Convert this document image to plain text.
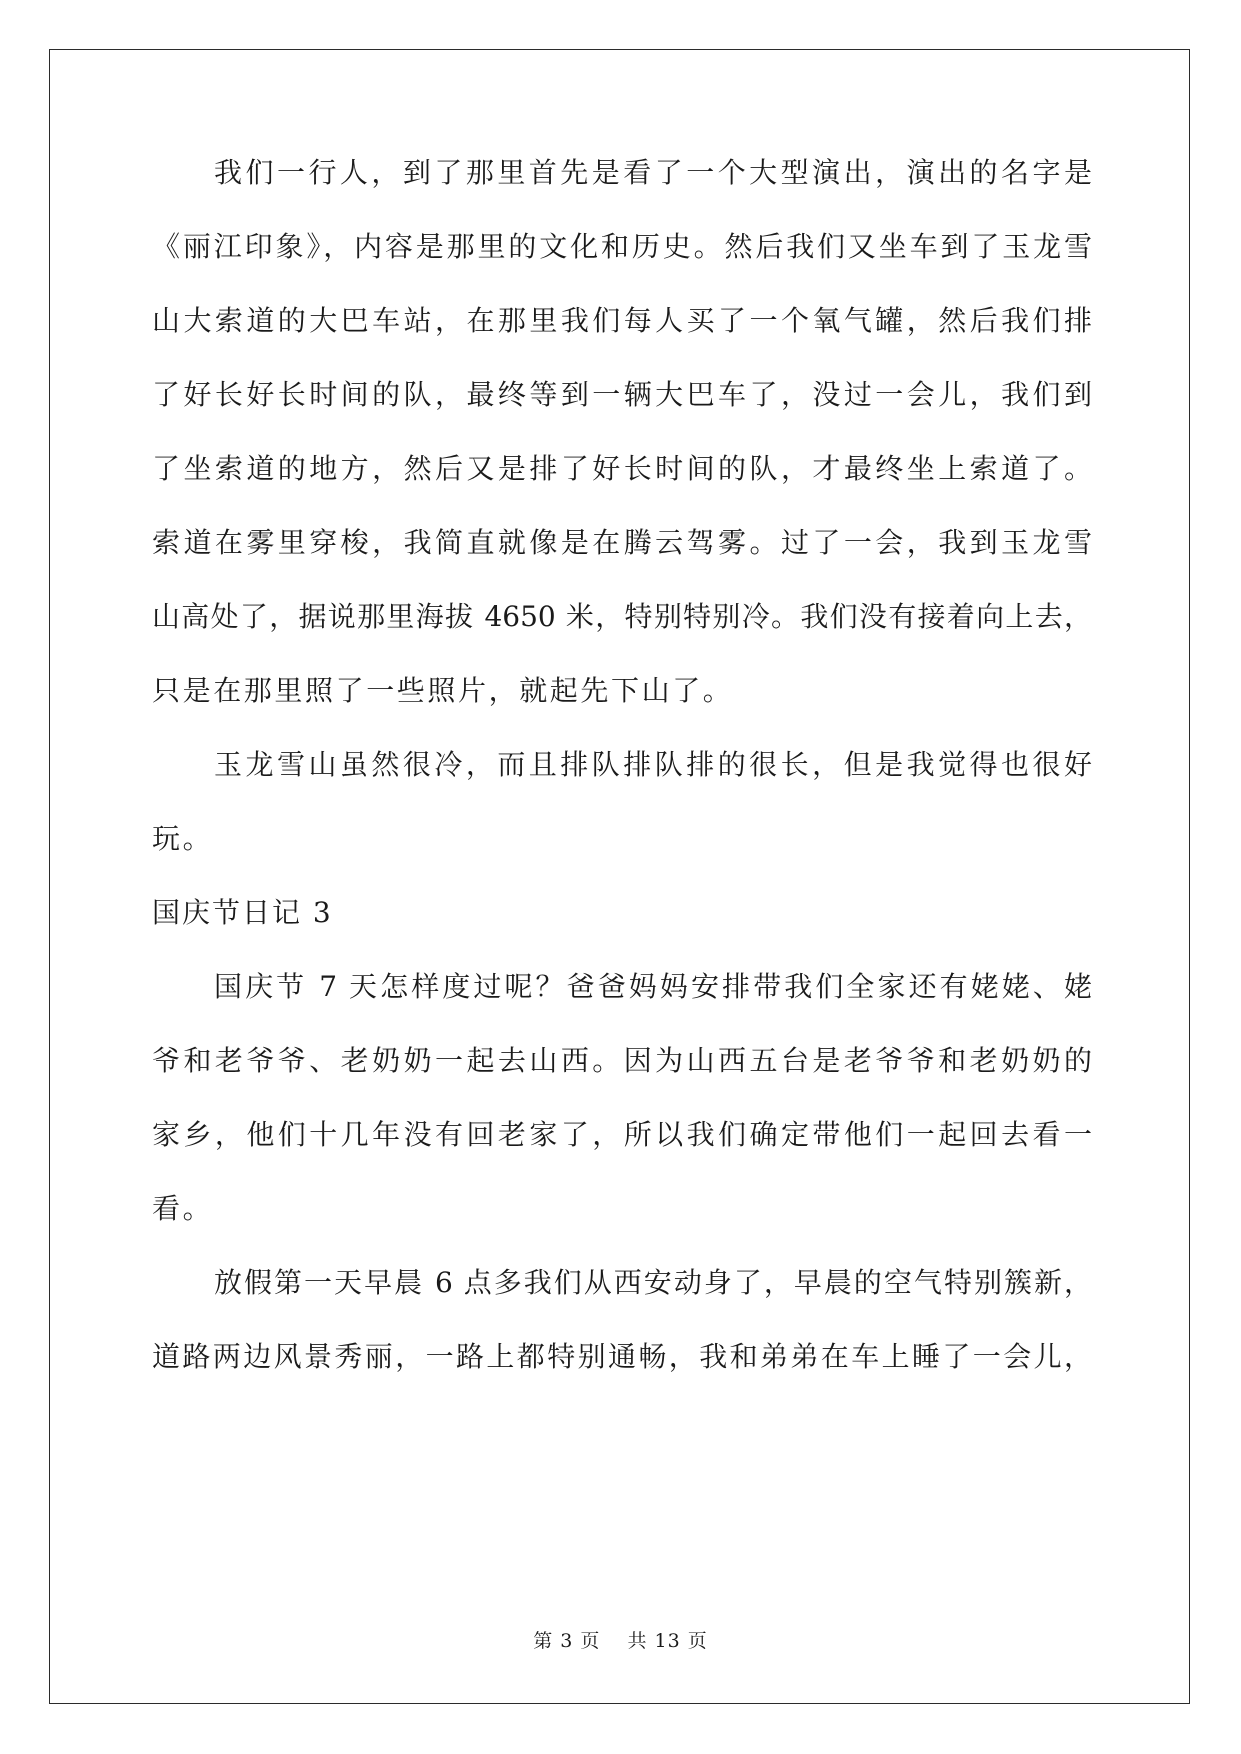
我们一行人，到了那里首先是看了一个大型演出，演出的名字是
《丽江印象》，内容是那里的文化和历史。然后我们又坐车到了玉龙雪
山大索道的大巴车站，在那里我们每人买了一个氧气罐，然后我们排
了好长好长时间的队，最终等到一辆大巴车了，没过一会儿，我们到
了坐索道的地方，然后又是排了好长时间的队，才最终坐上索道了。
索道在雾里穿梭，我简直就像是在腾云驾雾。过了一会，我到玉龙雪
山高处了，据说那里海拔 4650 米，特别特别冷。我们没有接着向上去，
只是在那里照了一些照片，就起先下山了。
玉龙雪山虽然很冷，而且排队排队排的很长，但是我觉得也很好
玩。
国庆节日记 3
国庆节 7 天怎样度过呢？爸爸妈妈安排带我们全家还有姥姥、姥
爷和老爷爷、老奶奶一起去山西。因为山西五台是老爷爷和老奶奶的
家乡，他们十几年没有回老家了，所以我们确定带他们一起回去看一
看。
放假第一天早晨 6 点多我们从西安动身了，早晨的空气特别簇新，
道路两边风景秀丽，一路上都特别通畅，我和弟弟在车上睡了一会儿，
第 3 页　 共 13 页
